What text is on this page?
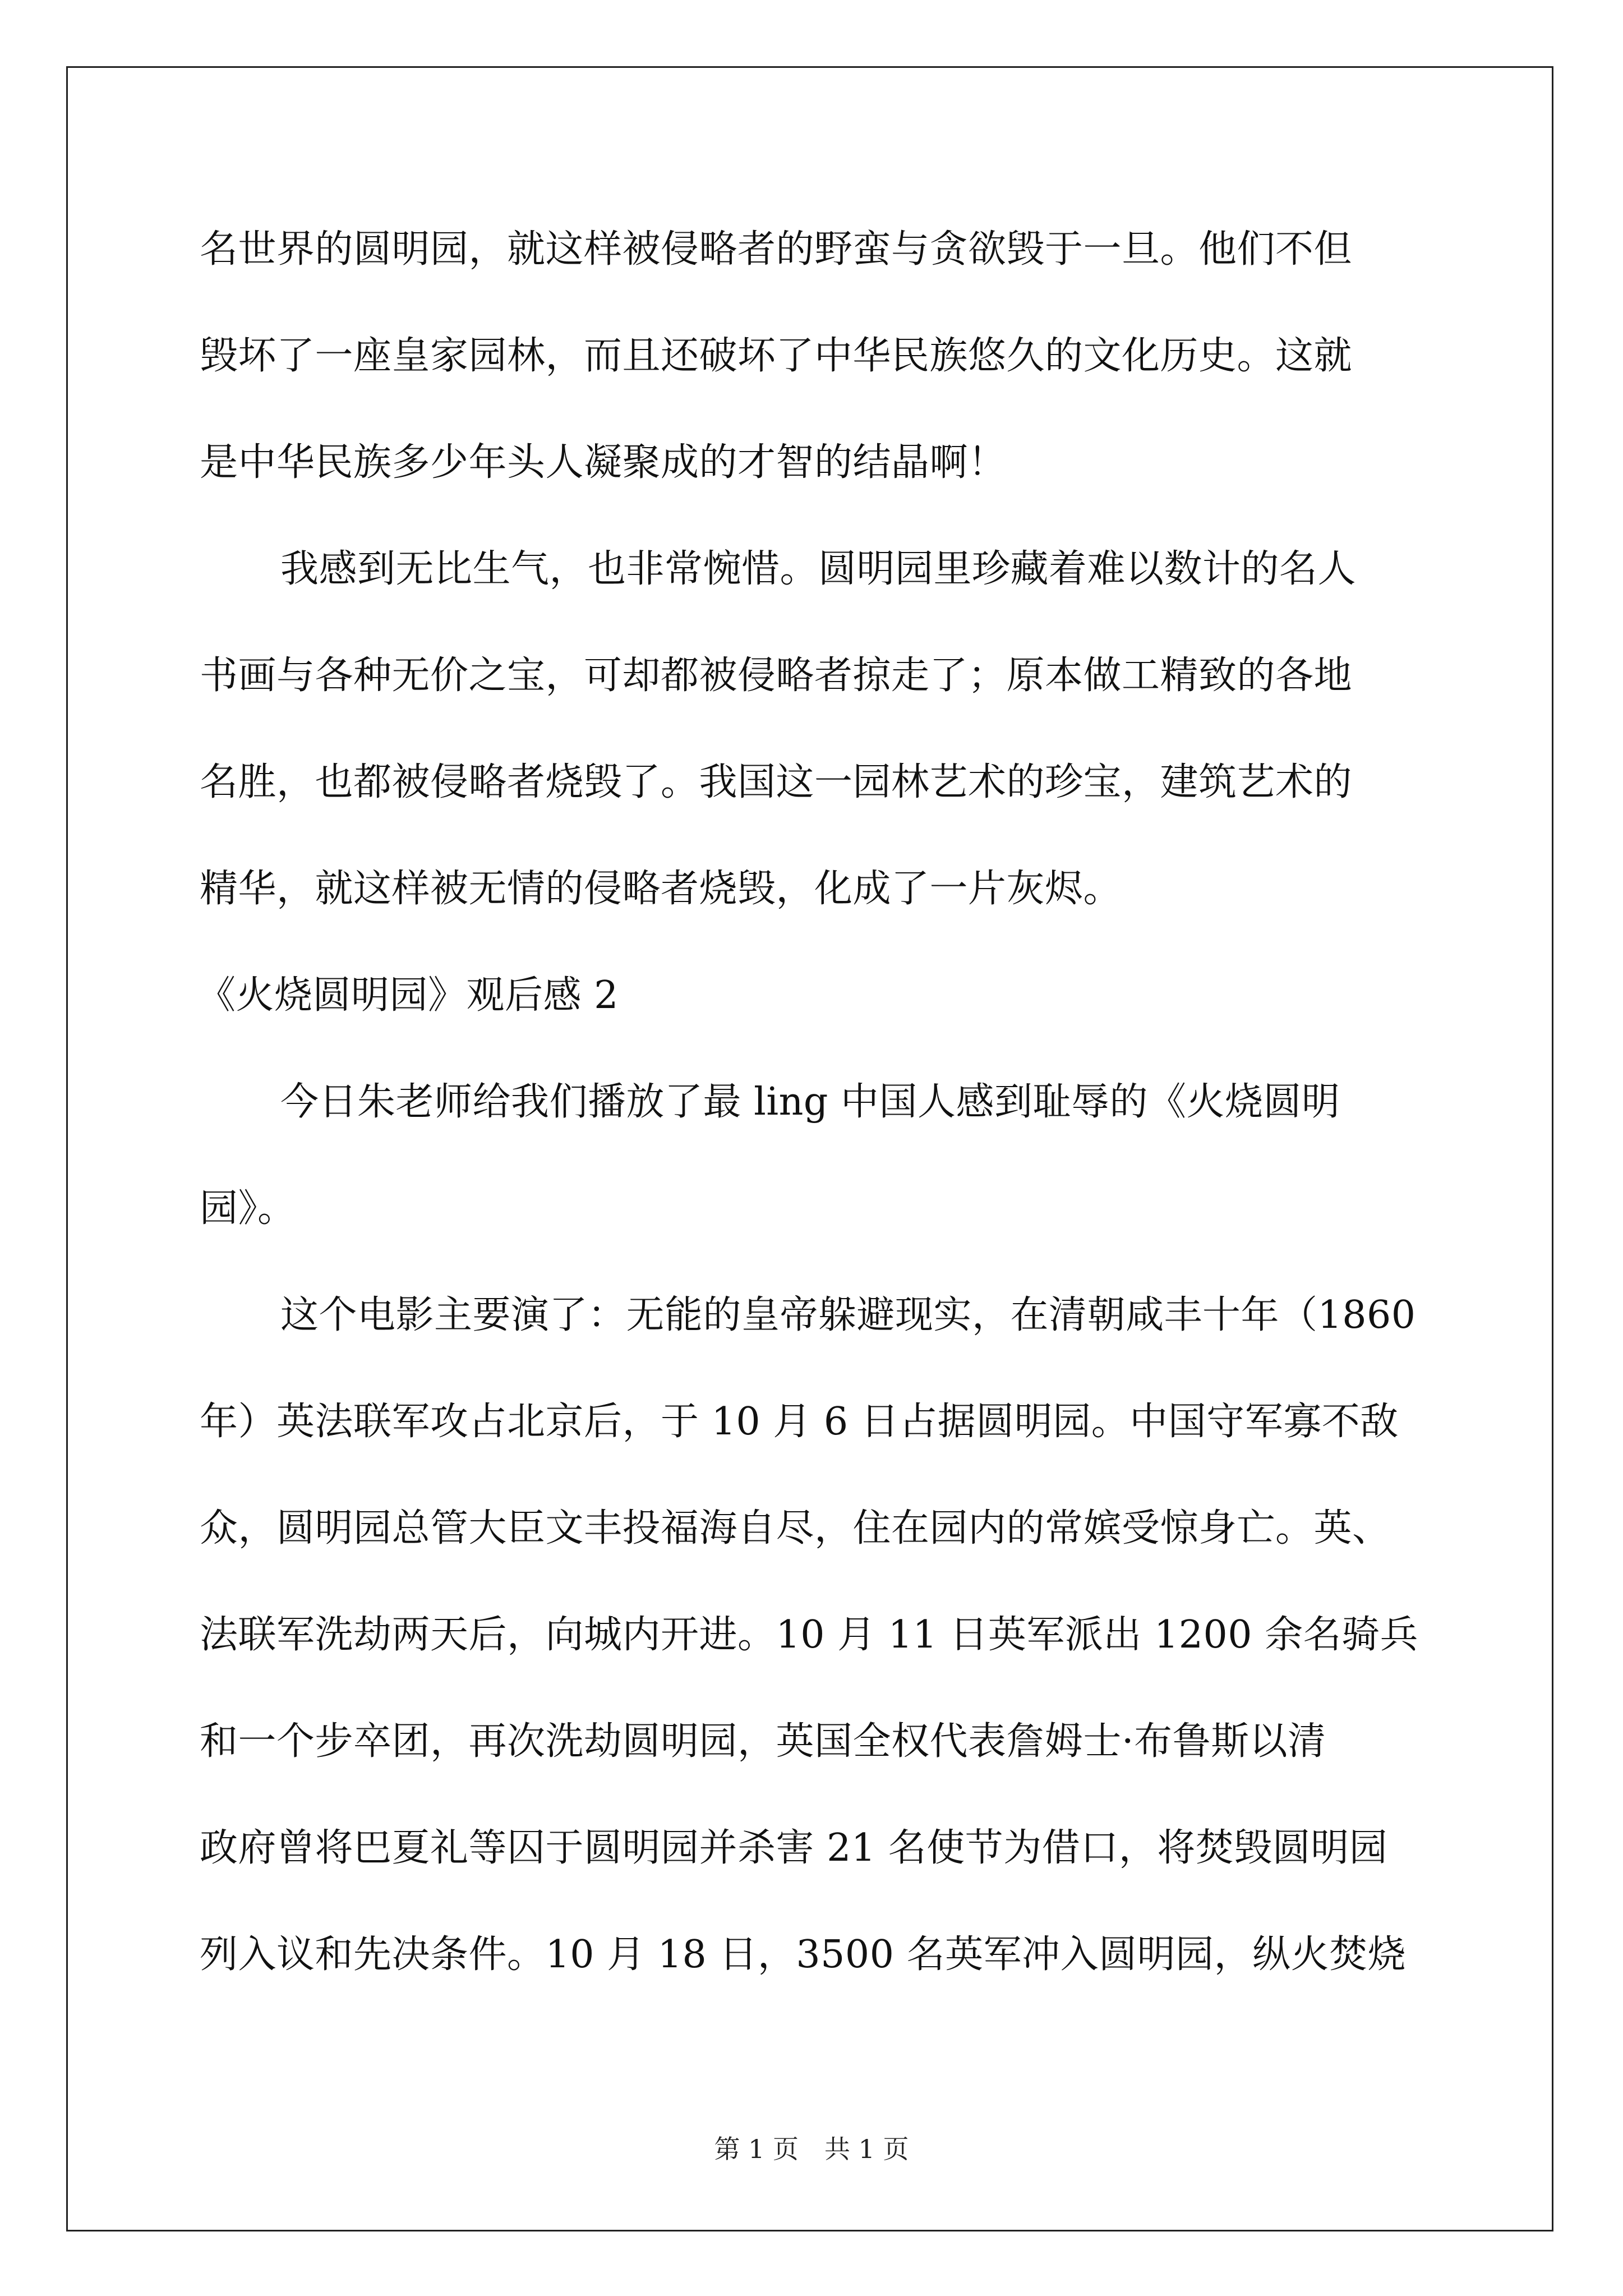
名世界的圆明园，就这样被侵略者的野蛮与贪欲毁于一旦。他们不但
毁坏了一座皇家园林，而且还破坏了中华民族悠久的文化历史。这就
是中华民族多少年头人凝聚成的才智的结晶啊！
我感到无比生气，也非常惋惜。圆明园里珍藏着难以数计的名人
书画与各种无价之宝，可却都被侵略者掠走了；原本做工精致的各地
名胜，也都被侵略者烧毁了。我国这一园林艺术的珍宝，建筑艺术的
精华，就这样被无情的侵略者烧毁，化成了一片灰烬。
《火烧圆明园》观后感 2
今日朱老师给我们播放了最 ling 中国人感到耻辱的《火烧圆明
园》。
这个电影主要演了：无能的皇帝躲避现实，在清朝咸丰十年（1860
年）英法联军攻占北京后，于 10 月 6 日占据圆明园。中国守军寡不敌
众，圆明园总管大臣文丰投福海自尽，住在园内的常嫔受惊身亡。英、
法联军洗劫两天后，向城内开进。10 月 11 日英军派出 1200 余名骑兵
和一个步卒团，再次洗劫圆明园，英国全权代表詹姆士·布鲁斯以清
政府曾将巴夏礼等囚于圆明园并杀害 21 名使节为借口，将焚毁圆明园
列入议和先决条件。10 月 18 日，3500 名英军冲入圆明园，纵火焚烧
第 1 页　共 1 页
